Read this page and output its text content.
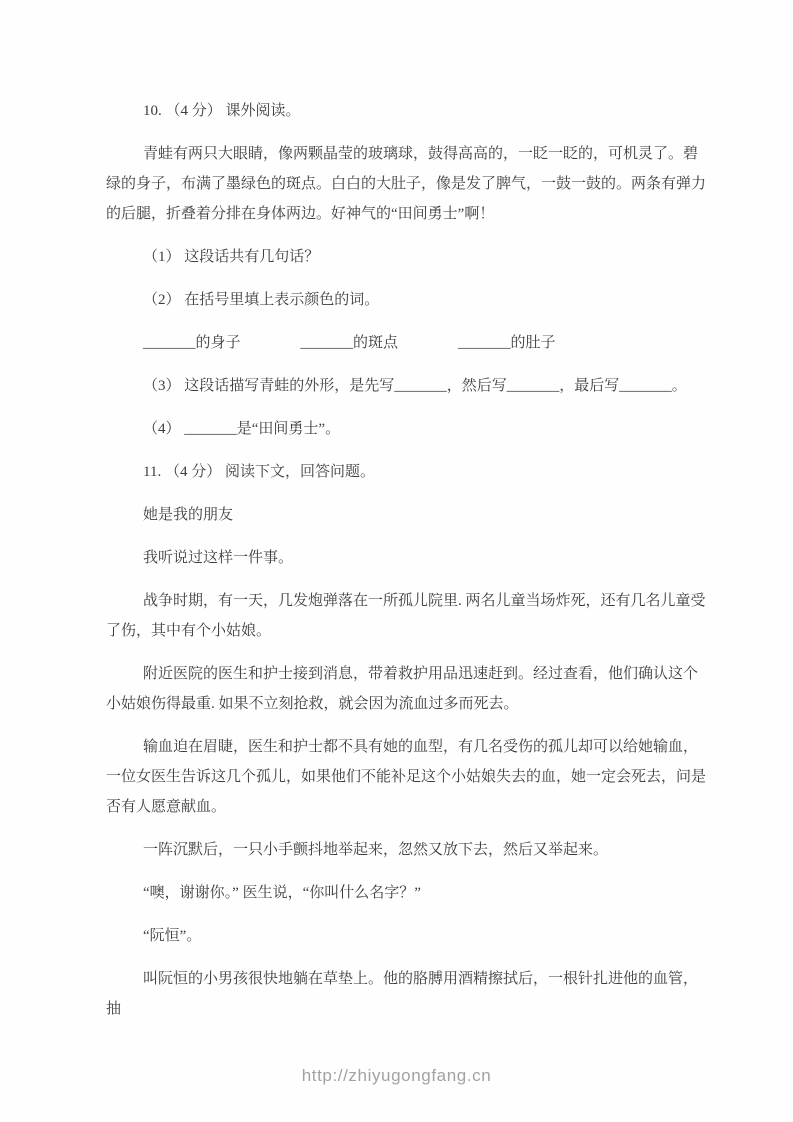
10. （4 分） 课外阅读。

青蛙有两只大眼睛，像两颗晶莹的玻璃球，鼓得高高的，一眨一眨的，可机灵了。碧绿的身子，布满了墨绿色的斑点。白白的大肚子，像是发了脾气，一鼓一鼓的。两条有弹力的后腿，折叠着分排在身体两边。好神气的“田间勇士”啊！

（1） 这段话共有几句话？

（2） 在括号里填上表示颜色的词。

_______的身子　　　　_______的斑点　　　　_______的肚子

（3） 这段话描写青蛙的外形，是先写_______，然后写_______，最后写_______。

（4） _______是“田间勇士”。

11. （4 分） 阅读下文，回答问题。

她是我的朋友

我听说过这样一件事。

战争时期，有一天，几发炮弹落在一所孤儿院里. 两名儿童当场炸死，还有几名儿童受了伤，其中有个小姑娘。

附近医院的医生和护士接到消息，带着救护用品迅速赶到。经过查看，他们确认这个小姑娘伤得最重. 如果不立刻抢救，就会因为流血过多而死去。

输血迫在眉睫，医生和护士都不具有她的血型，有几名受伤的孤儿却可以给她输血，一位女医生告诉这几个孤儿，如果他们不能补足这个小姑娘失去的血，她一定会死去，问是否有人愿意献血。

一阵沉默后，一只小手颤抖地举起来，忽然又放下去，然后又举起来。

“噢，谢谢你。” 医生说，“你叫什么名字？”

“阮恒”。

叫阮恒的小男孩很快地躺在草垫上。他的胳膊用酒精擦拭后，一根针扎进他的血管，抽

http://zhiyugongfang.cn
